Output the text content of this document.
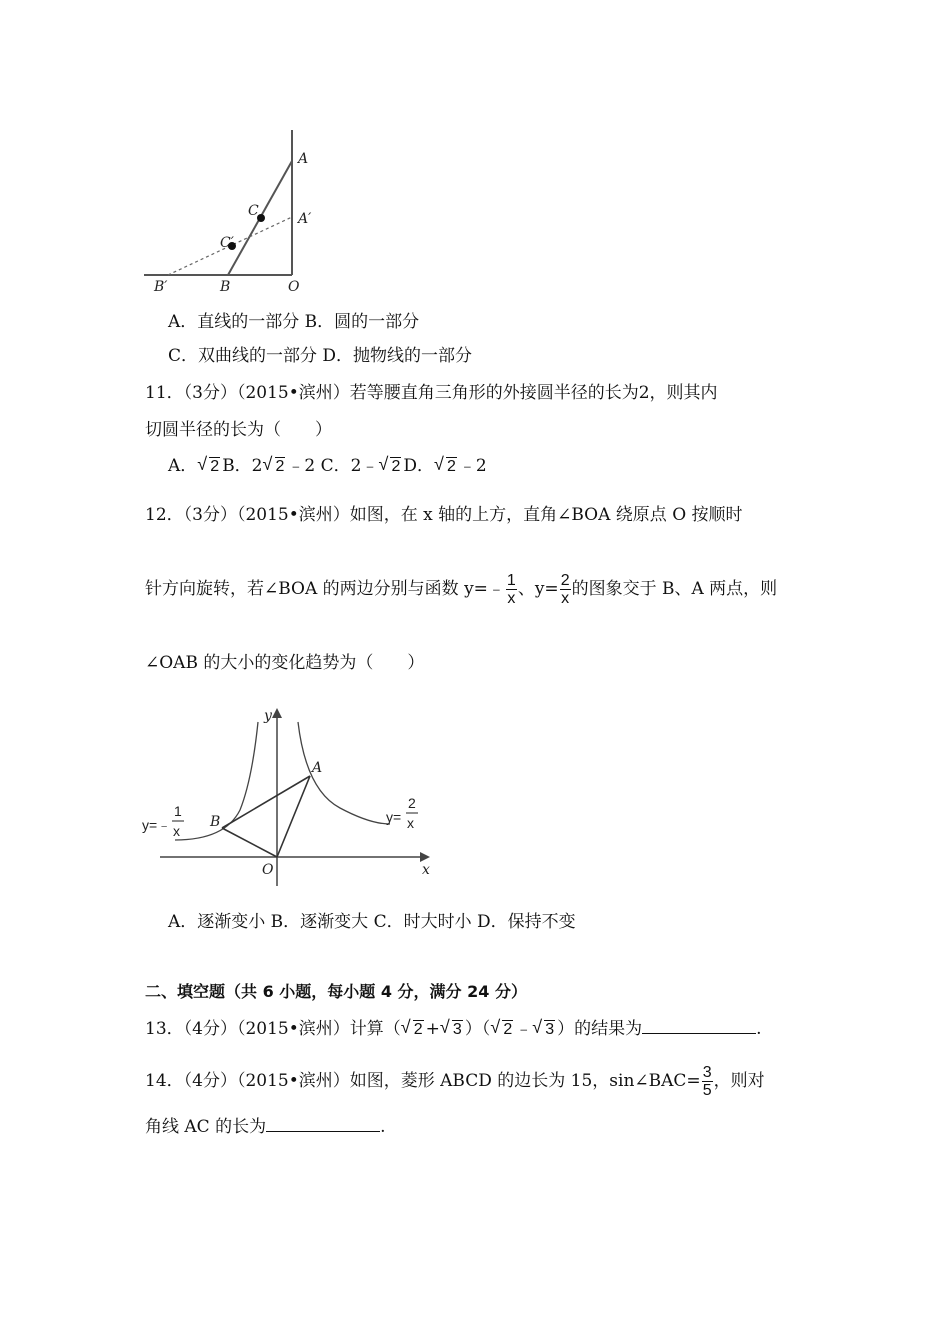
A
C	A′
C′
B′	B	O
A．直线的一部分 B．圆的一部分
C．双曲线的一部分 D．抛物线的一部分
11．（3分）（2015•滨州）若等腰直角三角形的外接圆半径的长为2，则其内
切圆半径的长为（　　）
A． √ 2 B．2 √ 2 ﹣2 C．2﹣ √ 2 D． √ 2 ﹣2
12．（3分）（2015•滨州）如图，在 x 轴的上方，直角∠BOA 绕原点 O 按顺时
针方向旋转，若∠BOA 的两边分别与函数 y=﹣ $\frac{1}{x}$ 、$y= \frac{2}{x}$ 的图象交于 B、A 两点，则
∠OAB 的大小的变化趋势为（　　）
y
x
A
B
O
y=﹣
1
x
y=
2
x
A．逐渐变小 B．逐渐变大 C．时大时小 D．保持不变
二、填空题（共 6 小题，每小题 4 分，满分 24 分）
13．（4分）（2015•滨州）计算（ √ 2 + √ 3 ）（ √ 2 ﹣ √ 3 ）的结果为	.
14．（4分）（2015•滨州）如图，菱形 ABCD 的边长为 15，sin∠BAC= $\frac{3}{5}$ ，则对
角线 AC 的长为	.
